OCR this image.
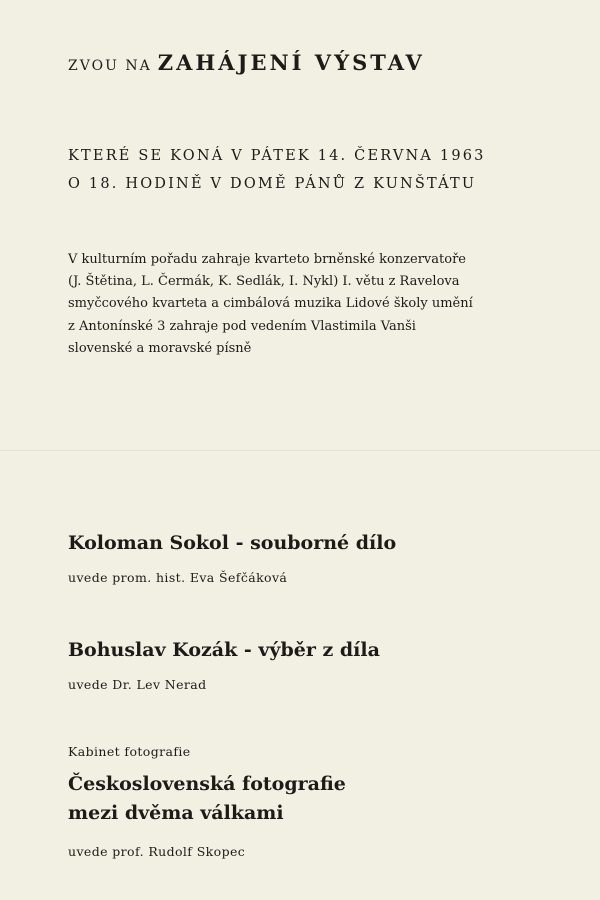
ZVOU NA ZAHÁJENÍ VÝSTAV
KTERÉ SE KONÁ V PÁTEK 14. ČERVNA 1963
O 18. HODINĚ V DOMĚ PÁNŮ Z KUNŠTÁTU
V kulturním pořadu zahraje kvarteto brněnské konzervatoře
(J. Štětina, L. Čermák, K. Sedlák, I. Nykl) I. větu z Ravelova
smyčcového kvarteta a cimbálová muzika Lidové školy umění
z Antonínské 3 zahraje pod vedením Vlastimila Vanši
slovenské a moravské písně
Koloman Sokol - souborné dílo
uvede prom. hist. Eva Šefčáková
Bohuslav Kozák - výběr z díla
uvede Dr. Lev Nerad
Kabinet fotografie
Československá fotografie
mezi dvěma válkami
uvede prof. Rudolf Skopec
